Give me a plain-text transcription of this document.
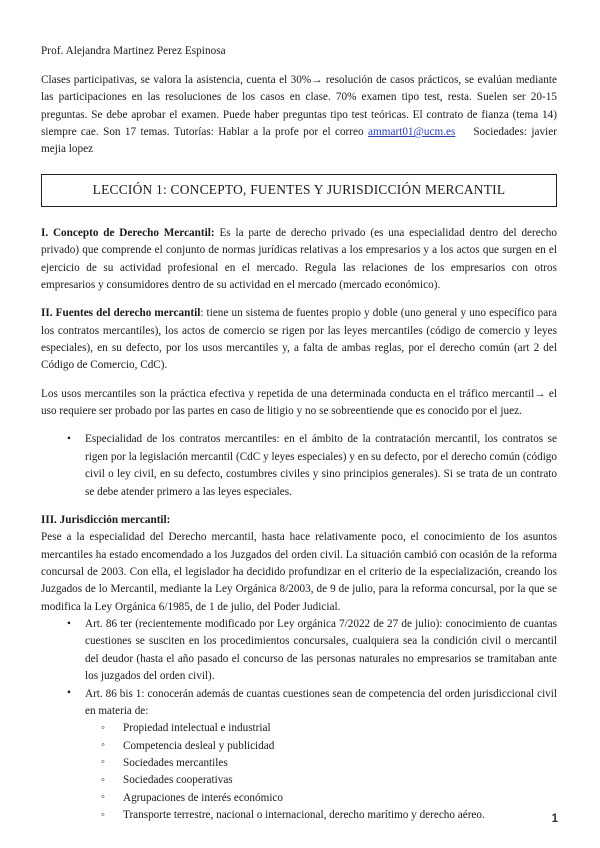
Prof. Alejandra Martinez Perez Espinosa

Clases participativas, se valora la asistencia, cuenta el 30%→ resolución de casos prácticos, se evalúan mediante las participaciones en las resoluciones de los casos en clase. 70% examen tipo test, resta. Suelen ser 20-15 preguntas. Se debe aprobar el examen. Puede haber preguntas tipo test teóricas. El contrato de fianza (tema 14) siempre cae. Son 17 temas. Tutorías: Hablar a la profe por el correo ammart01@ucm.es Sociedades: javier mejia lopez

LECCIÓN 1: CONCEPTO, FUENTES Y JURISDICCIÓN MERCANTIL

I. Concepto de Derecho Mercantil: Es la parte de derecho privado (es una especialidad dentro del derecho privado) que comprende el conjunto de normas jurídicas relativas a los empresarios y a los actos que surgen en el ejercicio de su actividad profesional en el mercado. Regula las relaciones de los empresarios con otros empresarios y consumidores dentro de su actividad en el mercado (mercado económico).

II. Fuentes del derecho mercantil: tiene un sistema de fuentes propio y doble (uno general y uno específico para los contratos mercantiles), los actos de comercio se rigen por las leyes mercantiles (código de comercio y leyes especiales), en su defecto, por los usos mercantiles y, a falta de ambas reglas, por el derecho común (art 2 del Código de Comercio, CdC).

Los usos mercantiles son la práctica efectiva y repetida de una determinada conducta en el tráfico mercantil→ el uso requiere ser probado por las partes en caso de litigio y no se sobreentiende que es conocido por el juez.

• Especialidad de los contratos mercantiles: en el ámbito de la contratación mercantil, los contratos se rigen por la legislación mercantil (CdC y leyes especiales) y en su defecto, por el derecho común (código civil o ley civil, en su defecto, costumbres civiles y sino principios generales). Si se trata de un contrato se debe atender primero a las leyes especiales.
III. Jurisdicción mercantil:

Pese a la especialidad del Derecho mercantil, hasta hace relativamente poco, el conocimiento de los asuntos mercantiles ha estado encomendado a los Juzgados del orden civil. La situación cambió con ocasión de la reforma concursal de 2003. Con ella, el legislador ha decidido profundizar en el criterio de la especialización, creando los Juzgados de lo Mercantil, mediante la Ley Orgánica 8/2003, de 9 de julio, para la reforma concursal, por la que se modifica la Ley Orgánica 6/1985, de 1 de julio, del Poder Judicial.

• Art. 86 ter (recientemente modificado por Ley orgánica 7/2022 de 27 de julio): conocimiento de cuantas cuestiones se susciten en los procedimientos concursales, cualquiera sea la condición civil o mercantil del deudor (hasta el año pasado el concurso de las personas naturales no empresarios se tramitaban ante los juzgados del orden civil).
• Art. 86 bis 1: conocerán además de cuantas cuestiones sean de competencia del orden jurisdiccional civil en materia de:
◦ Propiedad intelectual e industrial
◦ Competencia desleal y publicidad
◦ Sociedades mercantiles
◦ Sociedades cooperativas
◦ Agrupaciones de interés económico
◦ Transporte terrestre, nacional o internacional, derecho marítimo y derecho aéreo.	1
